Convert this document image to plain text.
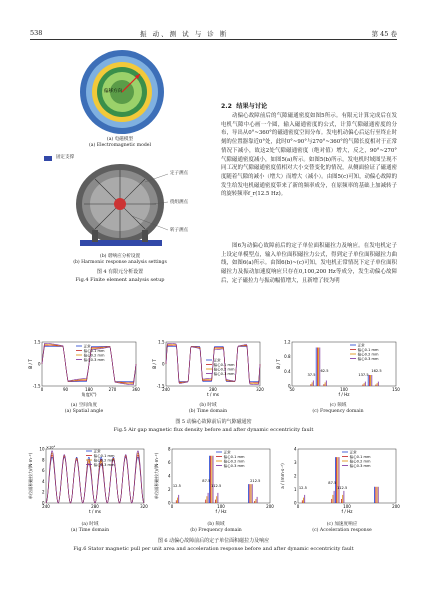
538	振 动、测 试 与 诊 断	第 45 卷
偏移方向
(a) 电磁模型
(a) Electromagnetic model
固定支撑
定子测点
绕组测点
转子测点
(b) 谐响应分析设置
(b) Harmonic response analysis settings
图 4 有限元分析设置
Fig.4 Finite element analysis setup
2.2 结果与讨论
动偏心故障前后的气隙磁通密度如图5所示。有限元计算完成后在发电机气隙中心画一个圆，输入磁通密度的公式，计算气隙磁通密度的分布，导出从0°~360°的磁通密度空间分布。发电机动偏心后运行至终止时刻的位置器靠近0°处，此时0°~90°与270°~360°的气隙长度相对于正常情况下减小，故这2处气隙磁通密度（绝对值）增大，反之，90°~270°气隙磁通密度减小，如图5(a)所示。如图5(b)所示，发电机时域图呈现不同工况的气隙磁通密度值相对大小交替变化的情况，从侧面验证了磁通密度随着气隙的减小（增大）而增大（减小）。由图5(c)可知，动偏心故障的发生给发电机磁通密度带来了新的频率成分，在原频率的基础上加减转子的旋转频率f_r(12.5 Hz)。
图6为动偏心故障前后的定子单位面积磁拉力及响应。在发电机定子上设定单模型点，输入单位面积磁拉力公式，得到定子单位面积磁拉力曲线，如图6(a)所示。由图6(b)~(c)可知，发电机正常情况下定子单位面积磁拉力及振动加速度响应只存在0,100,200 Hz等成分，发生动偏心故障后，定子磁拉力与振动幅值增大，且新增了较为明
0	90	180	270	360
1.5
0
-1.5
角度/(°)
B / T
正常
偏心0.1 mm
偏心0.2 mm
偏心0.3 mm
240	280	320
1.5
0
-1.5
t / ms
B / T	正常
偏心0.1 mm
偏心0.2 mm
偏心0.3 mm
50	100	150
1.2
0.8
0.4
0
f / Hz
B / T
37.5
62.5
137.5
162.5
正常
偏心0.1 mm
偏心0.2 mm
偏心0.3 mm
(a) 空间角度
(a) Spatial angle
(b) 时域
(b) Time domain
(c) 频域
(c) Frequency domain
图 5 动偏心故障前后的气隙磁通密
Fig.5 Air gap magnetic flux density before and after dynamic eccentricity fault
240	280	320
10
8
6
4
2
0
t / ms
单位面积磁拉力/(N·m⁻²)
×10⁴
正常
偏心0.1 mm
偏心0.2 mm
偏心0.3 mm
0	100	200
8
6
4
2
0
f / Hz
单位面积磁拉力/(N·m⁻²)	12.5
87.5
112.5
212.5
正常
偏心0.1 mm
偏心0.2 mm
偏心0.3 mm
0	100	200
4
3
2
1
0
f / Hz
a / (mm·s⁻²)	12.5
87.5
112.5
正常
偏心0.1 mm
偏心0.2 mm
偏心0.3 mm
(a) 时域
(a) Time domain
(b) 频域
(b) Frequency domain
(c) 加速度响应
(c) Acceleration response
图 6 动偏心故障前后的定子单位面积磁拉力及响应
Fig.6 Stator magnetic pull per unit area and acceleration response before and after dynamic eccentricity fault
